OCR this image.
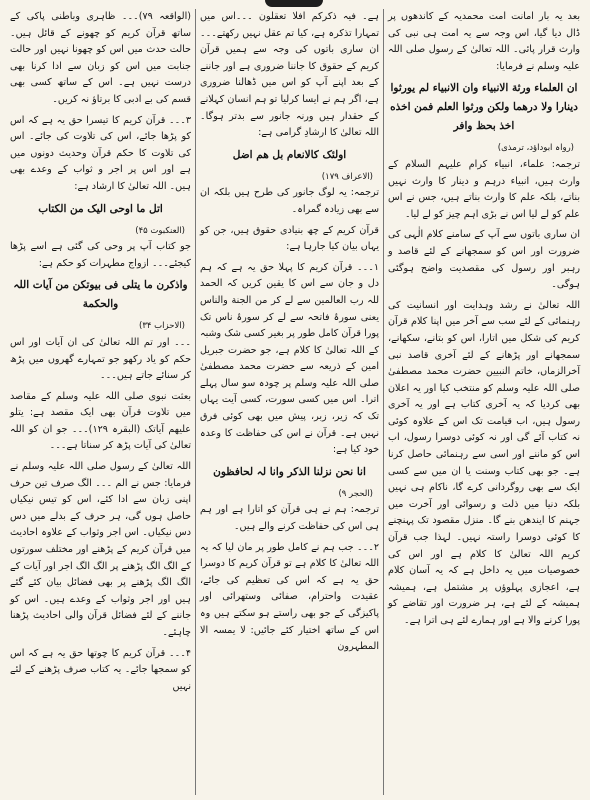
بعد یہ بار امانت امت محمدیہ کے کاندھوں پر ڈال دیا گیا، اس وجہ سے یہ امت ہی نبی کی وارث قرار پائی۔ اللہ تعالیٰ کے رسول صلی اللہ علیہ وسلم نے فرمایا:
ان العلماء ورثة الانبياء وان الانبياء لم يورثوا دينارا ولا درهما ولكن ورثوا العلم فمن اخذه اخذ بحظ وافر
(رواہ ابوداؤد، ترمذی)
ترجمہ: علماء، انبیاء کرام علیہم السلام کے وارث ہیں، انبیاء درہم و دینار کا وارث نہیں بناتے، بلکہ علم کا وارث بناتے ہیں، جس نے اس علم کو لے لیا اس نے بڑی اہم چیز کو لے لیا۔
ان ساری باتوں سے آپ کے سامنے کلام الٰہی کی ضرورت اور اس کو سمجھانے کے لئے قاصد و رہبر اور رسول کی مقصدیت واضح ہوگئی ہوگی۔
اللہ تعالیٰ نے رشد وہدایت اور انسانیت کی رہنمائی کے لئے سب سے آخر میں اپنا کلام قرآن کریم کی شکل میں اتارا، اس کو بتانے، سکھانے، سمجھانے اور پڑھانے کے لئے آخری قاصد نبی آخرالزماں، خاتم النبیین حضرت محمد مصطفیٰ صلی اللہ علیہ وسلم کو منتخب کیا اور یہ اعلان بھی کردیا کہ یہ آخری کتاب ہے اور یہ آخری رسول ہیں، اب قیامت تک اس کے علاوہ کوئی نہ کتاب آئے گی اور نہ کوئی دوسرا رسول، اب اس کو ماننے اور اسی سے رہنمائی حاصل کرنا ہے۔ جو بھی کتاب وسنت یا ان میں سے کسی ایک سے بھی روگردانی کرے گا، ناکام ہی نہیں بلکہ دنیا میں ذلت و رسوائی اور آخرت میں جہنم کا ایندھن بنے گا۔ منزل مقصود تک پہنچنے کا کوئی دوسرا راستہ نہیں۔ لہذا جب قرآن کریم اللہ تعالیٰ کا کلام ہے اور اس کی خصوصیات میں یہ داخل ہے کہ یہ آسان کلام ہے، اعجازی پہلوؤں پر مشتمل ہے، ہمیشہ ہمیشہ کے لئے ہے، ہر ضرورت اور تقاضے کو پورا کرنے والا ہے اور ہمارے لئے ہی اترا ہے۔
ہے۔ فیہ ذکرکم افلا تعقلون ۔۔۔اس میں تمہارا تذکرہ ہے، کیا تم عقل نہیں رکھتے۔۔۔ان ساری باتوں کی وجہ سے ہمیں قرآن کریم کے حقوق کا جاننا ضروری ہے اور جاننے کے بعد اپنے آپ کو اس میں ڈھالنا ضروری ہے، اگر ہم نے ایسا کرلیا تو ہم انسان کہلانے کے حقدار ہیں ورنہ جانور سے بدتر ہوگا۔ اللہ تعالیٰ کا ارشادِ گرامی ہے:
اولئک کالانعام بل ھم اضل
(الاعراف ۱۷۹)
ترجمہ: یہ لوگ جانور کی طرح ہیں بلکہ ان سے بھی زیادہ گمراہ۔
قرآن کریم کے چھ بنیادی حقوق ہیں، جن کو یہاں بیان کیا جارہا ہے:
۱۔۔۔ قرآن کریم کا پہلا حق یہ ہے کہ ہم دل و جان سے اس کا یقین کریں کہ الحمد للہ رب العالمین سے لے کر من الجنة والناس یعنی سورۂ فاتحہ سے لے کر سورۂ ناس تک پورا قرآن کامل طور پر بغیر کسی شک وشبہ کے اللہ تعالیٰ کا کلام ہے، جو حضرت جبریل امین کے ذریعہ سے حضرت محمد مصطفیٰ صلی اللہ علیہ وسلم پر چودہ سو سال پہلے اترا۔ اس میں کسی سورت، کسی آیت یہاں تک کہ زیر، زبر، پیش میں بھی کوئی فرق نہیں ہے۔ قرآن نے اس کی حفاظت کا وعدہ خود کیا ہے:
انا نحن نزلنا الذکر وانا لہ لحافظون
(الحجر ۹)
ترجمہ: ہم نے ہی قرآن کو اتارا ہے اور ہم ہی اس کی حفاظت کرنے والے ہیں۔
۲۔۔۔ جب ہم نے کامل طور پر مان لیا کہ یہ اللہ تعالیٰ کا کلام ہے تو قرآن کریم کا دوسرا حق یہ ہے کہ اس کی تعظیم کی جائے، عقیدت واحترام، صفائی وستھرائی اور پاکیزگی کے جو بھی راستے ہو سکتے ہیں وہ اس کے ساتھ اختیار کئے جائیں: لا یمسہ الا المطہرون
(الواقعہ ۷۹)۔۔۔ ظاہری وباطنی پاکی کے ساتھ قرآن کریم کو چھونے کے قائل ہیں۔ حالت حدث میں اس کو چھونا نہیں اور حالت جنابت میں اس کو زبان سے ادا کرنا بھی درست نہیں ہے۔ اس کے ساتھ کسی بھی قسم کی بے ادبی کا برتاؤ نہ کریں۔
۳۔۔۔ قرآن کریم کا تیسرا حق یہ ہے کہ اس کو پڑھا جائے، اس کی تلاوت کی جائے۔ اس کی تلاوت کا حکم قرآن وحدیث دونوں میں ہے اور اس پر اجر و ثواب کے وعدے بھی ہیں۔ اللہ تعالیٰ کا ارشاد ہے:
اتل ما اوحی الیک من الکتاب
(العنکبوت ۴۵)
جو کتاب آپ پر وحی کی گئی ہے اسے پڑھا کیجئے۔۔۔ ازواج مطہرات کو حکم ہے:
واذکرن ما یتلی فی بیوتکن من آیات اللہ والحکمة
(الاحزاب ۳۴)
۔۔۔ اور تم اللہ تعالیٰ کی ان آیات اور اس حکم کو یاد رکھو جو تمہارے گھروں میں پڑھ کر سنائے جاتے ہیں۔۔۔
بعثت نبوی صلی اللہ علیہ وسلم کے مقاصد میں تلاوت قرآن بھی ایک مقصد ہے: یتلو علیھم آیاتک (البقرہ ۱۲۹)۔۔۔ جو ان کو اللہ تعالیٰ کی آیات پڑھ کر سناتا ہے۔۔۔
اللہ تعالیٰ کے رسول صلی اللہ علیہ وسلم نے فرمایا: جس نے الم ۔۔۔ الگ صرف تین حرف اپنی زبان سے ادا کئے، اس کو تیس نیکیاں حاصل ہوں گی، ہر حرف کے بدلے میں دس دس نیکیاں۔ اس اجر وثواب کے علاوہ احادیث میں قرآن کریم کے پڑھنے اور مختلف سورتوں کے الگ الگ پڑھنے پر الگ الگ اجر اور آیات کے الگ الگ پڑھنے پر بھی فضائل بیان کئے گئے ہیں اور اجر وثواب کے وعدے ہیں۔ اس کو جاننے کے لئے فضائل قرآن والی احادیث پڑھنا چاہئے۔
۴۔۔۔ قرآن کریم کا چوتھا حق یہ ہے کہ اس کو سمجھا جائے۔ یہ کتاب صرف پڑھنے کے لئے نہیں
